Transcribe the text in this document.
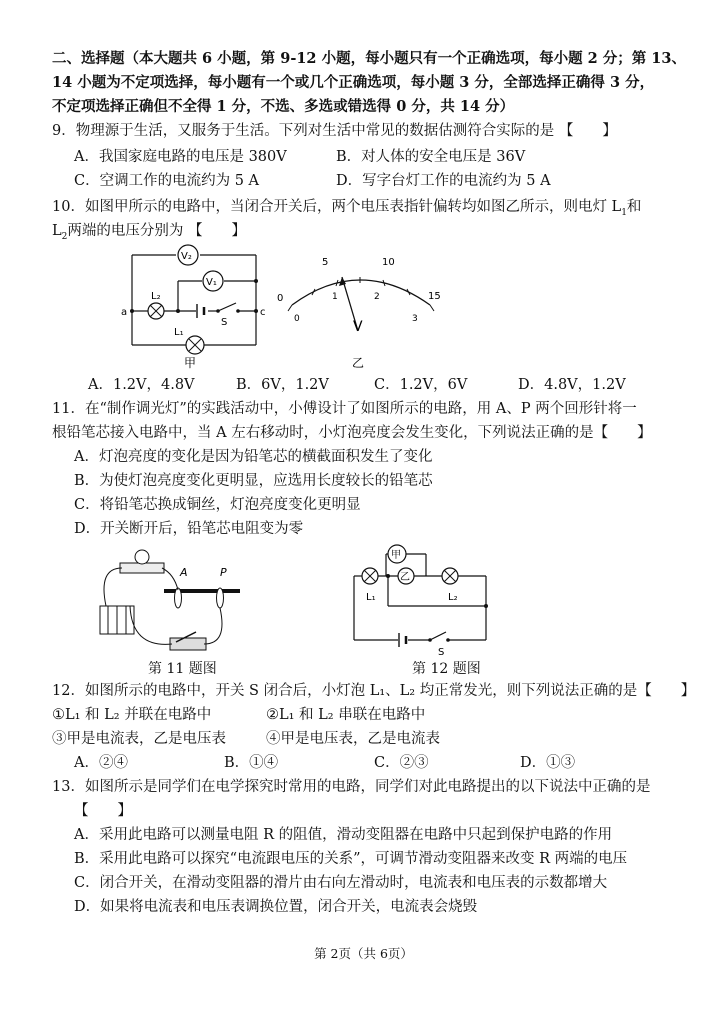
二、选择题（本大题共 6 小题，第 9-12 小题，每小题只有一个正确选项，每小题 2 分；第 13、
14 小题为不定项选择，每小题有一个或几个正确选项，每小题 3 分，全部选择正确得 3 分，
不定项选择正确但不全得 1 分，不选、多选或错选得 0 分，共 14 分）
9．物理源于生活，又服务于生活。下列对生活中常见的数据估测符合实际的是 【　　】
A．我国家庭电路的电压是 380V	B．对人体的安全电压是 36V
C．空调工作的电流约为 5 A	D．写字台灯工作的电流约为 5 A
10．如图甲所示的电路中，当闭合开关后，两个电压表指针偏转均如图乙所示，则电灯 $L_1$和
$L_2$两端的电压分别为 【　　】
V₂
V₁
L₂
S
a	c
L₁
甲
0
5	10
15
0
1	2
3
V
乙
A．1.2V，4.8V	B．6V，1.2V	C．1.2V，6V	D．4.8V，1.2V
11．在“制作调光灯”的实践活动中，小傅设计了如图所示的电路，用 A、P 两个回形针将一
根铅笔芯接入电路中，当 A 左右移动时，小灯泡亮度会发生变化，下列说法正确的是【　　】
A．灯泡亮度的变化是因为铅笔芯的横截面积发生了变化
B．为使灯泡亮度变化更明显，应选用长度较长的铅笔芯
C．将铅笔芯换成铜丝，灯泡亮度变化更明显
D．开关断开后，铅笔芯电阻变为零
A	P
第 11 题图
甲
L₁
乙
L₂
S
第 12 题图
12．如图所示的电路中，开关 S 闭合后，小灯泡 L₁、L₂ 均正常发光，则下列说法正确的是【　　】
①L₁ 和 L₂ 并联在电路中	②L₁ 和 L₂ 串联在电路中
③甲是电流表，乙是电压表	④甲是电压表，乙是电流表
A．②④	B．①④	C．②③	D．①③
13．如图所示是同学们在电学探究时常用的电路，同学们对此电路提出的以下说法中正确的是
【　　】
A．采用此电路可以测量电阻 R 的阻值，滑动变阻器在电路中只起到保护电路的作用
B．采用此电路可以探究“电流跟电压的关系”，可调节滑动变阻器来改变 R 两端的电压
C．闭合开关，在滑动变阻器的滑片由右向左滑动时，电流表和电压表的示数都增大
D．如果将电流表和电压表调换位置，闭合开关，电流表会烧毁
第 2页（共 6页）
